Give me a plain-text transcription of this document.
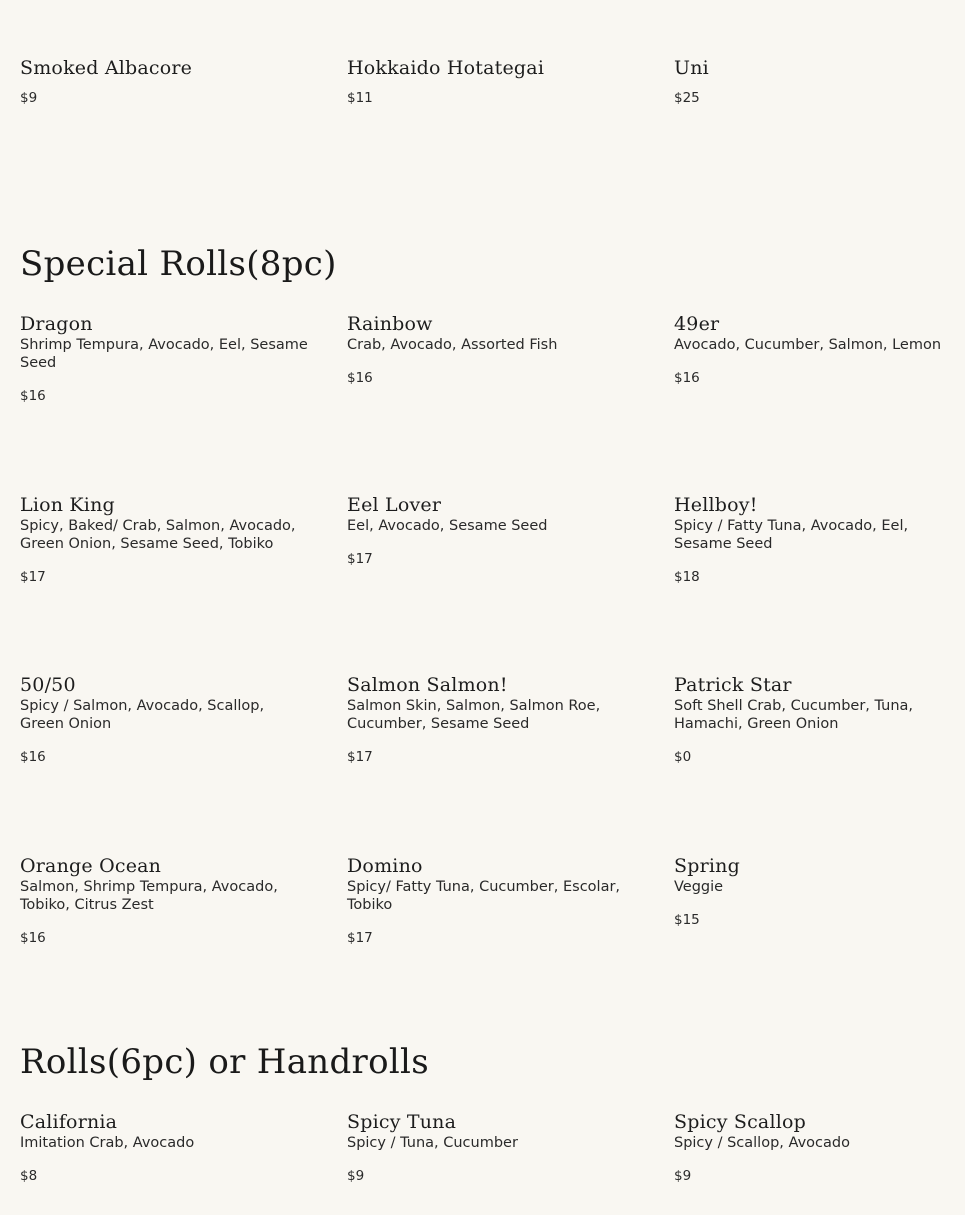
Smoked Albacore
$9
Hokkaido Hotategai
$11
Uni
$25
Special Rolls(8pc)
Dragon
Shrimp Tempura, Avocado, Eel, Sesame Seed
$16
Rainbow
Crab, Avocado, Assorted Fish
$16
49er
Avocado, Cucumber, Salmon, Lemon
$16
Lion King
Spicy, Baked/ Crab, Salmon, Avocado, Green Onion, Sesame Seed, Tobiko
$17
Eel Lover
Eel, Avocado, Sesame Seed
$17
Hellboy!
Spicy / Fatty Tuna, Avocado, Eel, Sesame Seed
$18
50/50
Spicy / Salmon, Avocado, Scallop, Green Onion
$16
Salmon Salmon!
Salmon Skin, Salmon, Salmon Roe, Cucumber, Sesame Seed
$17
Patrick Star
Soft Shell Crab, Cucumber, Tuna, Hamachi, Green Onion
$0
Orange Ocean
Salmon, Shrimp Tempura, Avocado, Tobiko, Citrus Zest
$16
Domino
Spicy/ Fatty Tuna, Cucumber, Escolar, Tobiko
$17
Spring
Veggie
$15
Rolls(6pc) or Handrolls
California
Imitation Crab, Avocado
$8
Spicy Tuna
Spicy / Tuna, Cucumber
$9
Spicy Scallop
Spicy / Scallop, Avocado
$9
